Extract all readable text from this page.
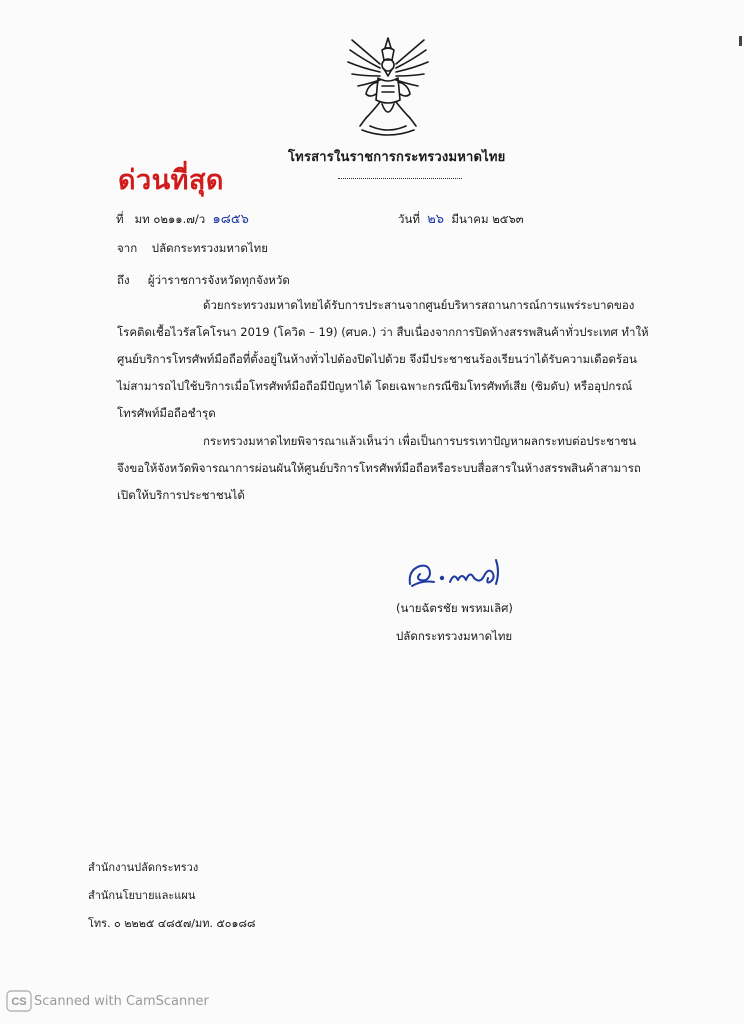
โทรสารในราชการกระทรวงมหาดไทย
ด่วนที่สุด
ที่ มท ๐๒๑๑.๗/ว ๑๘๕๖	วันที่ ๒๖ มีนาคม ๒๕๖๓
จาก ปลัดกระทรวงมหาดไทย
ถึง ผู้ว่าราชการจังหวัดทุกจังหวัด
ด้วยกระทรวงมหาดไทยได้รับการประสานจากศูนย์บริหารสถานการณ์การแพร่ระบาดของ
โรคติดเชื้อไวรัสโคโรนา 2019 (โควิด – 19) (ศบค.) ว่า สืบเนื่องจากการปิดห้างสรรพสินค้าทั่วประเทศ ทำให้
ศูนย์บริการโทรศัพท์มือถือที่ตั้งอยู่ในห้างทั่วไปต้องปิดไปด้วย จึงมีประชาชนร้องเรียนว่าได้รับความเดือดร้อน
ไม่สามารถไปใช้บริการเมื่อโทรศัพท์มือถือมีปัญหาได้ โดยเฉพาะกรณีซิมโทรศัพท์เสีย (ซิมดับ) หรืออุปกรณ์
โทรศัพท์มือถือชำรุด
กระทรวงมหาดไทยพิจารณาแล้วเห็นว่า เพื่อเป็นการบรรเทาปัญหาผลกระทบต่อประชาชน
จึงขอให้จังหวัดพิจารณาการผ่อนผันให้ศูนย์บริการโทรศัพท์มือถือหรือระบบสื่อสารในห้างสรรพสินค้าสามารถ
เปิดให้บริการประชาชนได้
(นายฉัตรชัย พรหมเลิศ)
ปลัดกระทรวงมหาดไทย
สำนักงานปลัดกระทรวง
สำนักนโยบายและแผน
โทร. ๐ ๒๒๒๕ ๔๘๕๗/มท. ๕๐๑๘๘
CS Scanned with CamScanner
